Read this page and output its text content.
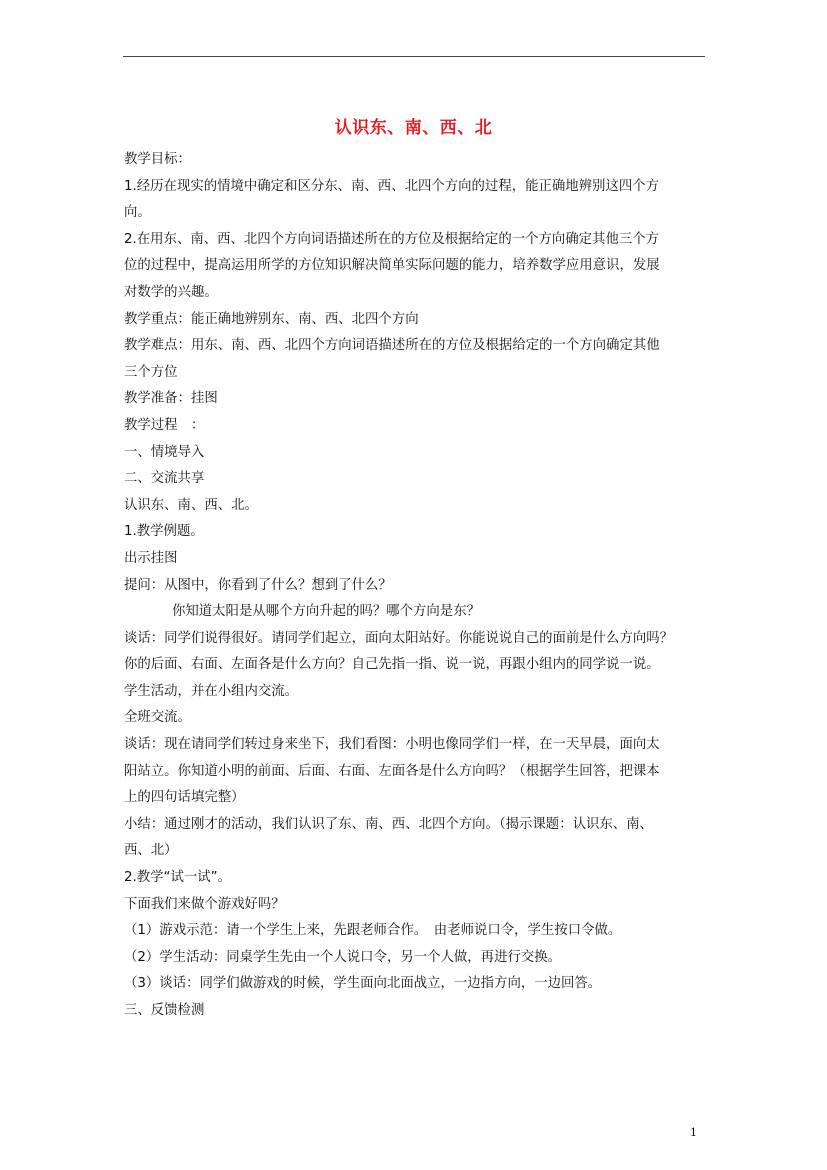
认识东、南、西、北

教学目标：

1.经历在现实的情境中确定和区分东、南、西、北四个方向的过程，能正确地辨别这四个方

向。

2.在用东、南、西、北四个方向词语描述所在的方位及根据给定的一个方向确定其他三个方

位的过程中，提高运用所学的方位知识解决简单实际问题的能力，培养数学应用意识，发展

对数学的兴趣。

教学重点：能正确地辨别东、南、西、北四个方向

教学难点：用东、南、西、北四个方向词语描述所在的方位及根据给定的一个方向确定其他

三个方位

教学准备：挂图

教学过程　：

一、情境导入

二、交流共享

认识东、南、西、北。

1.教学例题。

出示挂图

提问：从图中，你看到了什么？想到了什么？

你知道太阳是从哪个方向升起的吗？哪个方向是东？

谈话：同学们说得很好。请同学们起立，面向太阳站好。你能说说自己的面前是什么方向吗？

你的后面、右面、左面各是什么方向？自己先指一指、说一说，再跟小组内的同学说一说。

学生活动，并在小组内交流。

全班交流。

谈话：现在请同学们转过身来坐下，我们看图：小明也像同学们一样，在一天早晨，面向太

阳站立。你知道小明的前面、后面、右面、左面各是什么方向吗？（根据学生回答，把课本

上的四句话填完整）

小结：通过刚才的活动，我们认识了东、南、西、北四个方向。（揭示课题：认识东、南、

西、北）

2.教学“试一试”。

下面我们来做个游戏好吗？

（1）游戏示范：请一个学生上来，先跟老师合作。　由老师说口令，学生按口令做。

（2）学生活动：同桌学生先由一个人说口令，另一个人做，再进行交换。

（3）谈话：同学们做游戏的时候，学生面向北面战立，一边指方向，一边回答。

三、反馈检测

1
